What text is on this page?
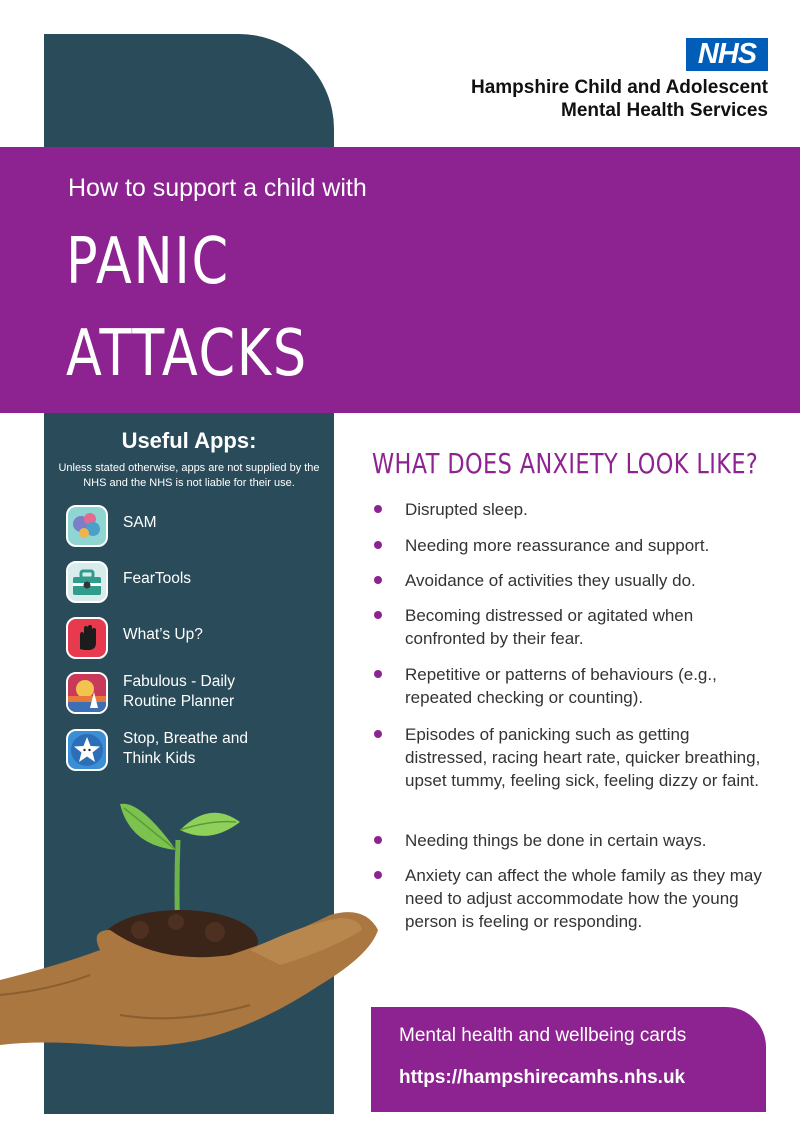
NHS
Hampshire Child and Adolescent
Mental Health Services
How to support a child with
PANIC
ATTACKS
Useful Apps:
Unless stated otherwise, apps are not supplied by the NHS and the NHS is not liable for their use.
SAM
FearTools
What’s Up?
Fabulous - Daily
Routine Planner
Stop, Breathe and
Think Kids
WHAT DOES ANXIETY LOOK LIKE?
Disrupted sleep.
Needing more reassurance and support.
Avoidance of activities they usually do.
Becoming distressed or agitated when confronted by their fear.
Repetitive or patterns of behaviours (e.g., repeated checking or counting).
Episodes of panicking such as getting distressed, racing heart rate, quicker breathing, upset tummy, feeling sick, feeling dizzy or faint.
Needing things be done in certain ways.
Anxiety can affect the whole family as they may need to adjust accommodate how the young person is feeling or responding.
Mental health and wellbeing cards
https://hampshirecamhs.nhs.uk
